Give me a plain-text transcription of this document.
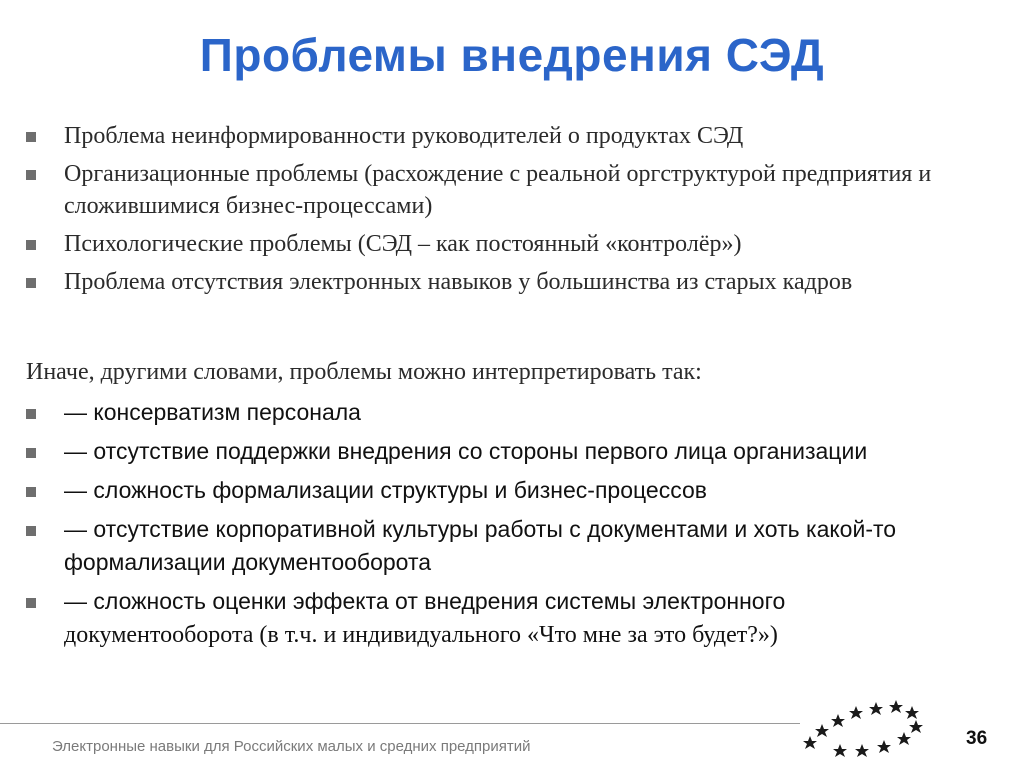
Проблемы внедрения СЭД
Проблема неинформированности руководителей о продуктах СЭД
Организационные проблемы (расхождение с реальной оргструктурой предприятия и сложившимися бизнес-процессами)
Психологические проблемы (СЭД – как постоянный «контролёр»)
Проблема отсутствия электронных навыков у большинства из старых кадров
Иначе, другими словами, проблемы можно интерпретировать так:
— консерватизм персонала
— отсутствие поддержки внедрения со стороны первого лица организации
— сложность формализации структуры и бизнес-процессов
— отсутствие корпоративной культуры работы с документами и хоть какой-то формализации документооборота
— сложность оценки эффекта от внедрения системы электронного
документооборота (в т.ч. и индивидуального «Что мне за это будет?»)
Электронные навыки для Российских малых и средних предприятий	36
